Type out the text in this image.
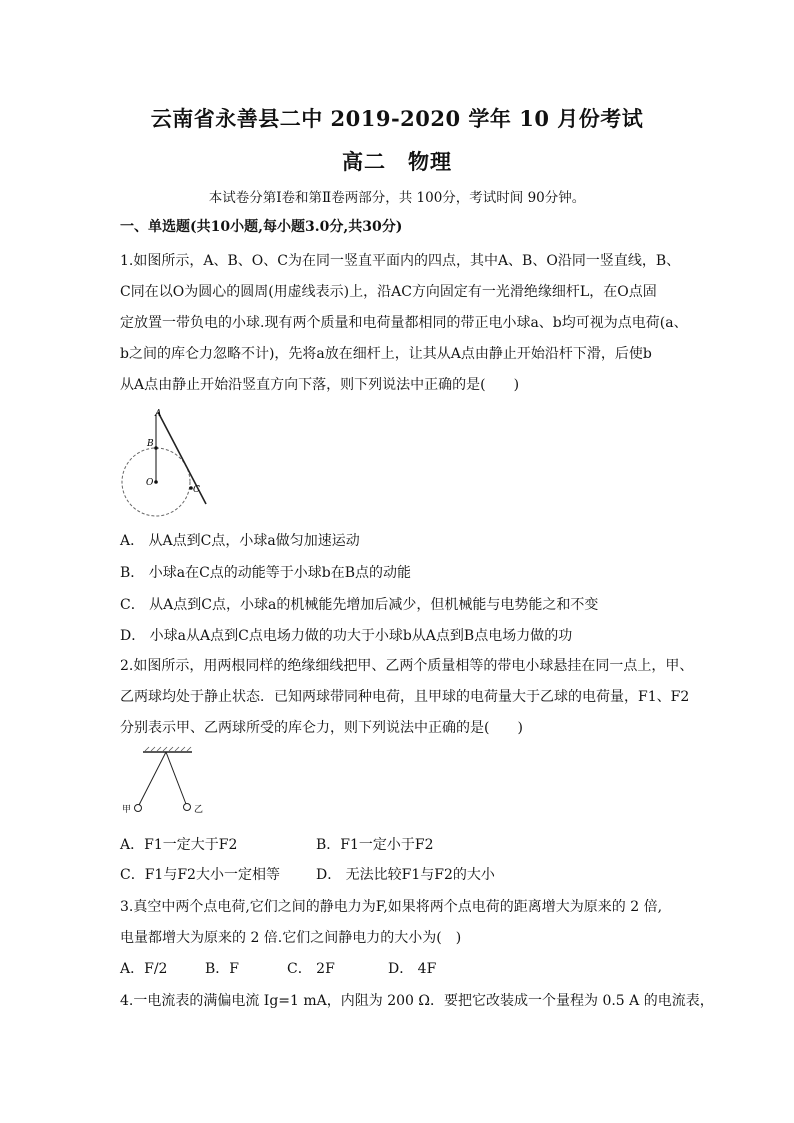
云南省永善县二中 2019-2020 学年 10 月份考试
高二　物理
本试卷分第Ⅰ卷和第Ⅱ卷两部分，共 100分，考试时间 90分钟。
一、单选题(共10小题,每小题3.0分,共30分)
1.如图所示，A、B、O、C为在同一竖直平面内的四点，其中A、B、O沿同一竖直线，B、
C同在以O为圆心的圆周(用虚线表示)上，沿AC方向固定有一光滑绝缘细杆L，在O点固
定放置一带负电的小球.现有两个质量和电荷量都相同的带正电小球a、b均可视为点电荷(a、
b之间的库仑力忽略不计)，先将a放在细杆上，让其从A点由静止开始沿杆下滑，后使b
从A点由静止开始沿竖直方向下落，则下列说法中正确的是(　　)
A
B
O
C
A． 从A点到C点，小球a做匀加速运动
B． 小球a在C点的动能等于小球b在B点的动能
C． 从A点到C点，小球a的机械能先增加后减少，但机械能与电势能之和不变
D． 小球a从A点到C点电场力做的功大于小球b从A点到B点电场力做的功
2.如图所示，用两根同样的绝缘细线把甲、乙两个质量相等的带电小球悬挂在同一点上，甲、
乙两球均处于静止状态．已知两球带同种电荷，且甲球的电荷量大于乙球的电荷量，F1、F2
分别表示甲、乙两球所受的库仑力，则下列说法中正确的是(　　)
甲	乙
A．F1一定大于F2	B．F1一定小于F2
C．F1与F2大小一定相等	D． 无法比较F1与F2的大小
3.真空中两个点电荷,它们之间的静电力为F,如果将两个点电荷的距离增大为原来的 2 倍,
电量都增大为原来的 2 倍.它们之间静电力的大小为(　)
A．F/2	B．F	C． 2F	D． 4F
4.一电流表的满偏电流 Ig=1 mA，内阻为 200 Ω．要把它改装成一个量程为 0.5 A 的电流表，
